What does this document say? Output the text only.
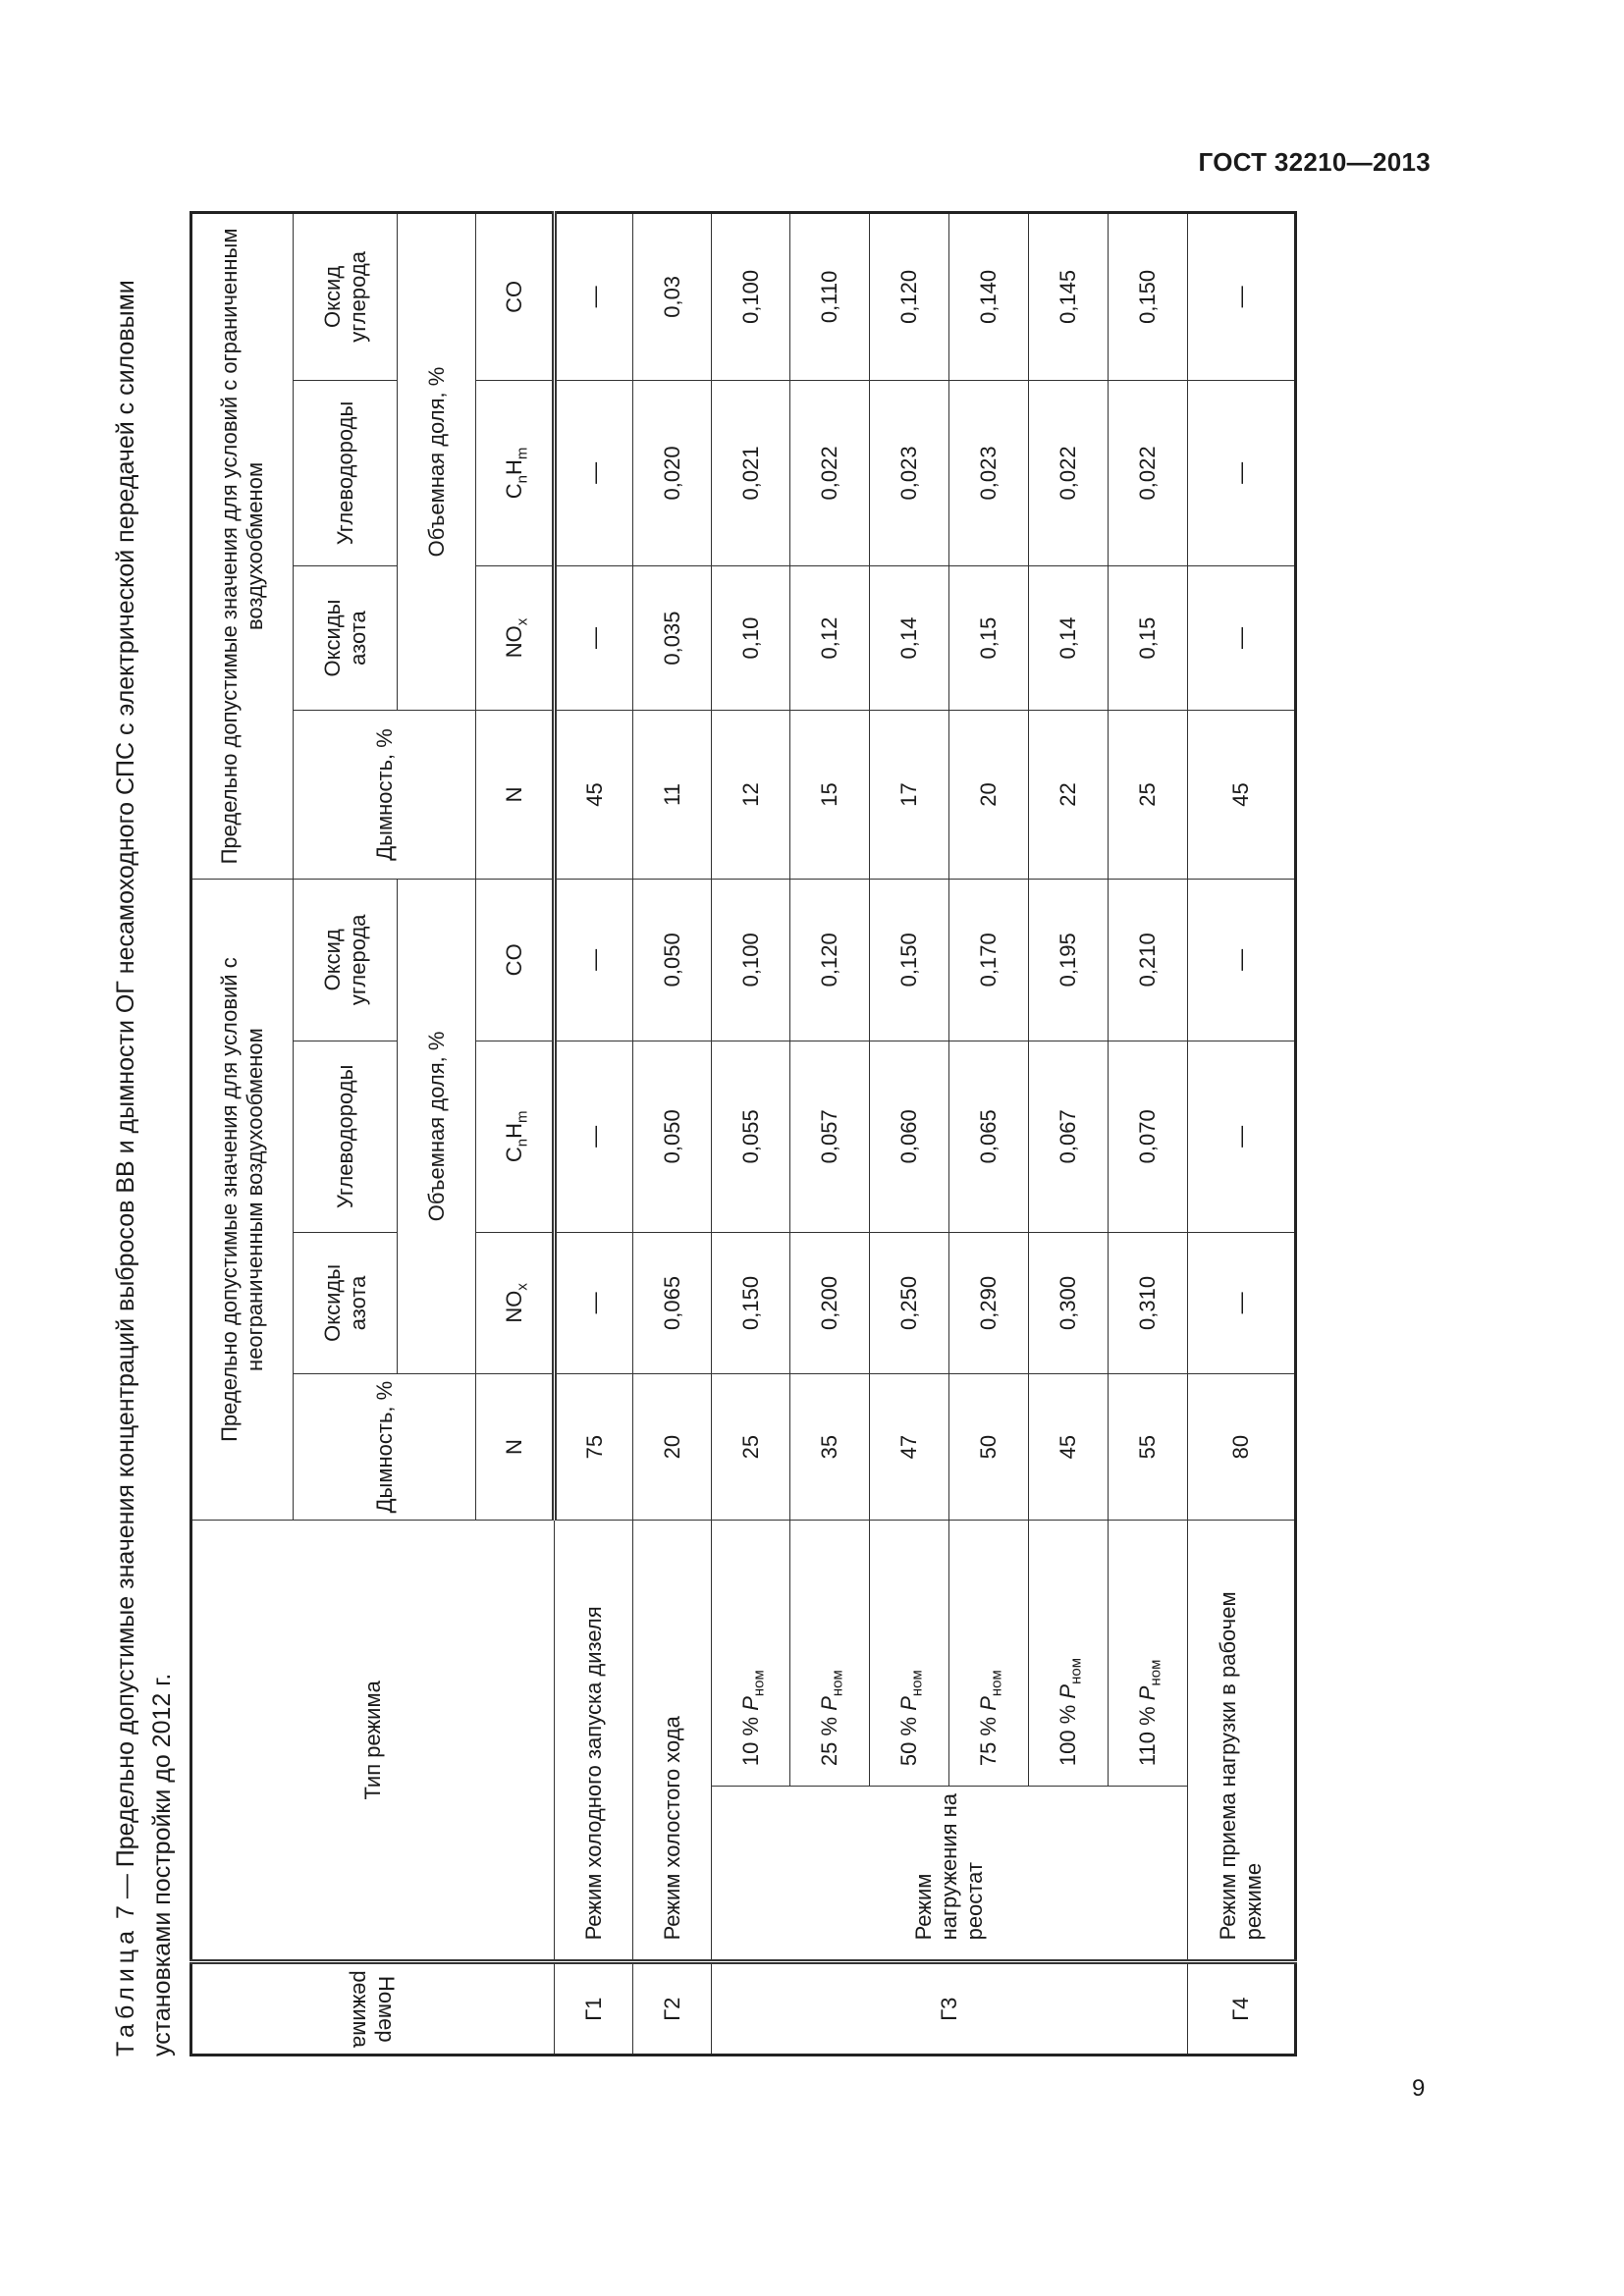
ГОСТ 32210—2013
9
Таблица 7 — Предельно допустимые значения концентраций выбросов ВВ и дымности ОГ несамоходного СПС с электрической передачей с силовыми установками постройки до 2012 г.	Номер режима	Тип режима		Предельно допустимые значения для условий с неограниченным воздухообменом				Предельно допустимые значения для условий с ограниченным воздухообменом			
			Дымность, %	Оксиды азота	Углеводороды	Оксид углерода	Дымность, %	Оксиды азота	Углеводороды	Оксид углерода
				Объемная доля, %				Объемная доля, %		
			N	$NO_x$	$C_nH_m$	CO	N	$NO_x$	$C_nH_m$	CO
Г1	Режим холодного запуска дизеля		75	—	—	—	45	—	—	—
Г2	Режим холостого хода		20	0,065	0,050	0,050	11	0,035	0,020	0,03
Г3	Режим нагружения на реостат	10 % $P_{ном}$	25	0,150	0,055	0,100	12	0,10	0,021	0,100
		25 % $P_{ном}$	35	0,200	0,057	0,120	15	0,12	0,022	0,110
		50 % $P_{ном}$	47	0,250	0,060	0,150	17	0,14	0,023	0,120
		75 % $P_{ном}$	50	0,290	0,065	0,170	20	0,15	0,023	0,140
		100 % $P_{ном}$	45	0,300	0,067	0,195	22	0,14	0,022	0,145
		110 % $P_{ном}$	55	0,310	0,070	0,210	25	0,15	0,022	0,150
Г4	Режим приема нагрузки в рабочем режиме		80	—	—	—	45	—	—	—
